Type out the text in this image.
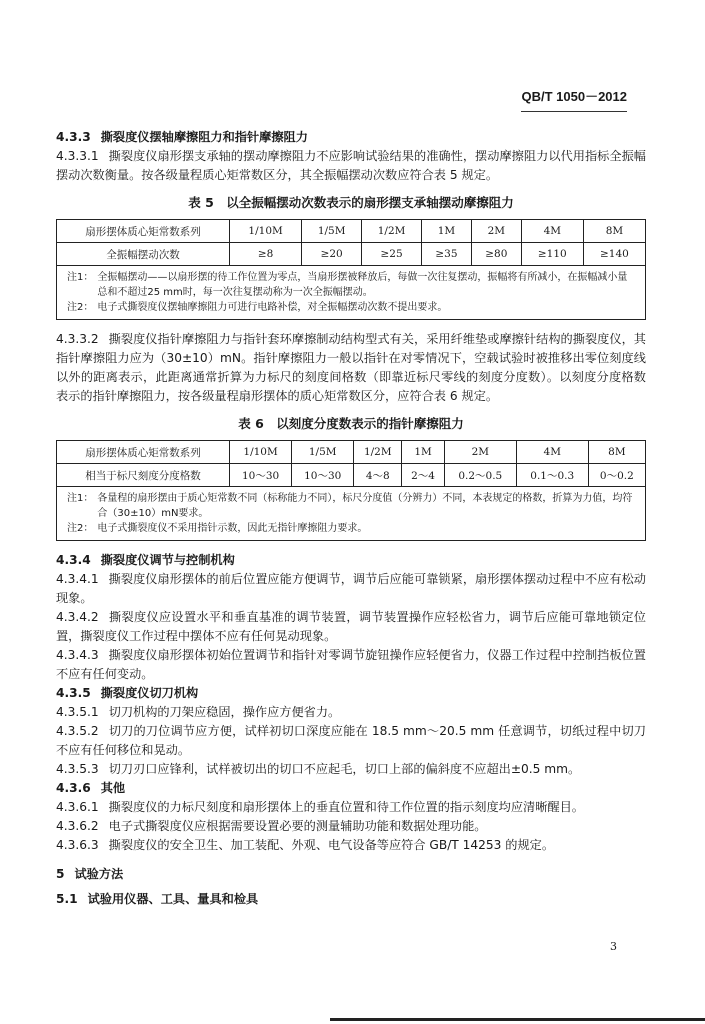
QB/T 1050－2012

4.3.3 撕裂度仪摆轴摩擦阻力和指针摩擦阻力

4.3.3.1 撕裂度仪扇形摆支承轴的摆动摩擦阻力不应影响试验结果的准确性，摆动摩擦阻力以代用指标全振幅摆动次数衡量。按各级量程质心矩常数区分，其全振幅摆动次数应符合表 5 规定。

表 5　以全振幅摆动次数表示的扇形摆支承轴摆动摩擦阻力
扇形摆体质心矩常数系列	1/10M	1/5M	1/2M	1M	2M	4M	8M
全振幅摆动次数	≥8	≥20	≥25	≥35	≥80	≥110	≥140
注1： 全振幅摆动——以扇形摆的待工作位置为零点，当扇形摆被释放后，每做一次往复摆动，振幅将有所减小，在振幅减小量总和不超过25 mm时，每一次往复摆动称为一次全振幅摆动。
注2： 电子式撕裂度仪摆轴摩擦阻力可进行电路补偿，对全振幅摆动次数不提出要求。

4.3.3.2 撕裂度仪指针摩擦阻力与指针套环摩擦制动结构型式有关，采用纤维垫或摩擦针结构的撕裂度仪，其指针摩擦阻力应为（30±10）mN。指针摩擦阻力一般以指针在对零情况下，空载试验时被推移出零位刻度线以外的距离表示，此距离通常折算为力标尺的刻度间格数（即靠近标尺零线的刻度分度数）。以刻度分度格数表示的指针摩擦阻力，按各级量程扇形摆体的质心矩常数区分，应符合表 6 规定。

表 6　以刻度分度数表示的指针摩擦阻力
扇形摆体质心矩常数系列	1/10M	1/5M	1/2M	1M	2M	4M	8M
相当于标尺刻度分度格数	10～30	10～30	4～8	2～4	0.2～0.5	0.1～0.3	0～0.2
注1： 各量程的扇形摆由于质心矩常数不同（标称能力不同），标尺分度值（分辨力）不同，本表规定的格数，折算为力值，均符合（30±10）mN要求。
注2： 电子式撕裂度仪不采用指针示数，因此无指针摩擦阻力要求。

4.3.4 撕裂度仪调节与控制机构

4.3.4.1 撕裂度仪扇形摆体的前后位置应能方便调节，调节后应能可靠锁紧，扇形摆体摆动过程中不应有松动现象。

4.3.4.2 撕裂度仪应设置水平和垂直基准的调节装置，调节装置操作应轻松省力，调节后应能可靠地锁定位置，撕裂度仪工作过程中摆体不应有任何晃动现象。

4.3.4.3 撕裂度仪扇形摆体初始位置调节和指针对零调节旋钮操作应轻便省力，仪器工作过程中控制挡板位置不应有任何变动。

4.3.5 撕裂度仪切刀机构

4.3.5.1 切刀机构的刀架应稳固，操作应方便省力。

4.3.5.2 切刀的刀位调节应方便，试样初切口深度应能在 18.5 mm～20.5 mm 任意调节，切纸过程中切刀不应有任何移位和晃动。

4.3.5.3 切刀刃口应锋利，试样被切出的切口不应起毛，切口上部的偏斜度不应超出±0.5 mm。

4.3.6 其他

4.3.6.1 撕裂度仪的力标尺刻度和扇形摆体上的垂直位置和待工作位置的指示刻度均应清晰醒目。

4.3.6.2 电子式撕裂度仪应根据需要设置必要的测量辅助功能和数据处理功能。

4.3.6.3 撕裂度仪的安全卫生、加工装配、外观、电气设备等应符合 GB/T 14253 的规定。

5 试验方法

5.1 试验用仪器、工具、量具和检具

3
